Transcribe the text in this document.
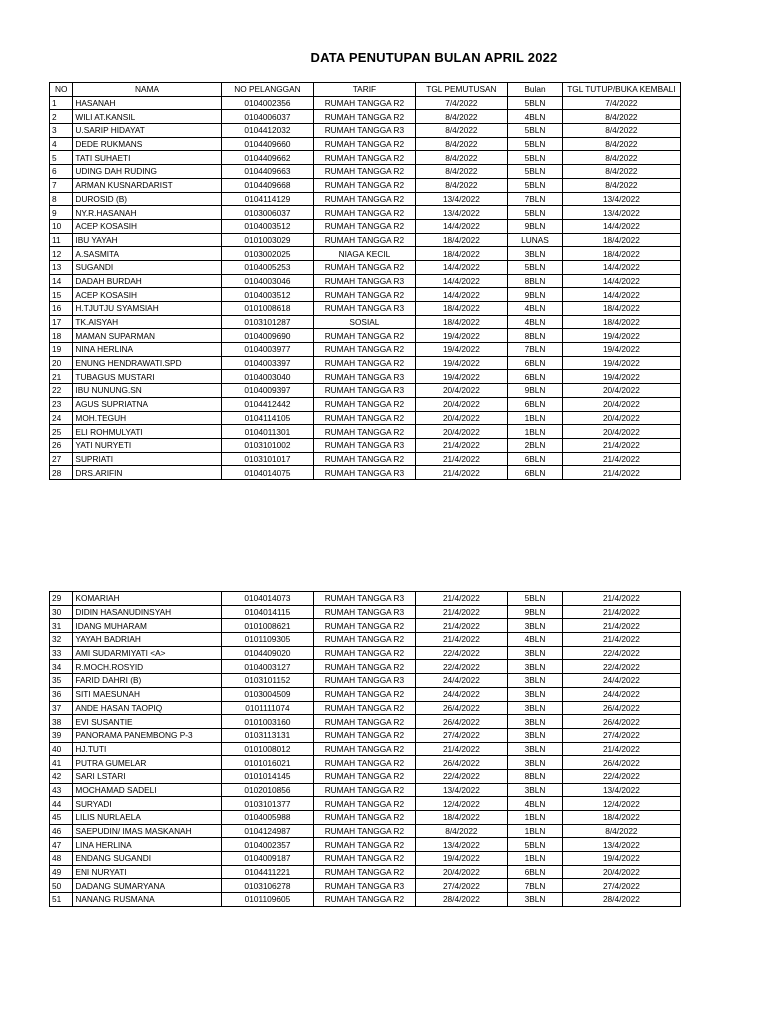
DATA PENUTUPAN BULAN APRIL 2022
NO	NAMA	NO PELANGGAN	TARIF	TGL PEMUTUSAN	Bulan	TGL TUTUP/BUKA KEMBALI
1	HASANAH	0104002356	RUMAH TANGGA R2	7/4/2022	5BLN	7/4/2022
2	WILI AT.KANSIL	0104006037	RUMAH TANGGA R2	8/4/2022	4BLN	8/4/2022
3	U.SARIP HIDAYAT	0104412032	RUMAH TANGGA R3	8/4/2022	5BLN	8/4/2022
4	DEDE RUKMANS	0104409660	RUMAH TANGGA R2	8/4/2022	5BLN	8/4/2022
5	TATI SUHAETI	0104409662	RUMAH TANGGA R2	8/4/2022	5BLN	8/4/2022
6	UDING DAH RUDING	0104409663	RUMAH TANGGA R2	8/4/2022	5BLN	8/4/2022
7	ARMAN KUSNARDARIST	0104409668	RUMAH TANGGA R2	8/4/2022	5BLN	8/4/2022
8	DUROSID (B)	0104114129	RUMAH TANGGA R2	13/4/2022	7BLN	13/4/2022
9	NY.R.HASANAH	0103006037	RUMAH TANGGA R2	13/4/2022	5BLN	13/4/2022
10	ACEP KOSASIH	0104003512	RUMAH TANGGA R2	14/4/2022	9BLN	14/4/2022
11	IBU YAYAH	0101003029	RUMAH TANGGA R2	18/4/2022	LUNAS	18/4/2022
12	A.SASMITA	0103002025	NIAGA KECIL	18/4/2022	3BLN	18/4/2022
13	SUGANDI	0104005253	RUMAH TANGGA R2	14/4/2022	5BLN	14/4/2022
14	DADAH BURDAH	0104003046	RUMAH TANGGA R3	14/4/2022	8BLN	14/4/2022
15	ACEP KOSASIH	0104003512	RUMAH TANGGA R2	14/4/2022	9BLN	14/4/2022
16	H.TJUTJU SYAMSIAH	0101008618	RUMAH TANGGA R3	18/4/2022	4BLN	18/4/2022
17	TK.AISYAH	0103101287	SOSIAL	18/4/2022	4BLN	18/4/2022
18	MAMAN SUPARMAN	0104009690	RUMAH TANGGA R2	19/4/2022	8BLN	19/4/2022
19	NINA HERLINA	0104003977	RUMAH TANGGA R2	19/4/2022	7BLN	19/4/2022
20	ENUNG HENDRAWATI.SPD	0104003397	RUMAH TANGGA R2	19/4/2022	6BLN	19/4/2022
21	TUBAGUS MUSTARI	0104003040	RUMAH TANGGA R3	19/4/2022	6BLN	19/4/2022
22	IBU NUNUNG.SN	0104009397	RUMAH TANGGA R3	20/4/2022	9BLN	20/4/2022
23	AGUS SUPRIATNA	0104412442	RUMAH TANGGA R2	20/4/2022	6BLN	20/4/2022
24	MOH.TEGUH	0104114105	RUMAH TANGGA R2	20/4/2022	1BLN	20/4/2022
25	ELI ROHMULYATI	0104011301	RUMAH TANGGA R2	20/4/2022	1BLN	20/4/2022
26	YATI NURYETI	0103101002	RUMAH TANGGA R3	21/4/2022	2BLN	21/4/2022
27	SUPRIATI	0103101017	RUMAH TANGGA R2	21/4/2022	6BLN	21/4/2022
28	DRS.ARIFIN	0104014075	RUMAH TANGGA R3	21/4/2022	6BLN	21/4/2022
29	KOMARIAH	0104014073	RUMAH TANGGA R3	21/4/2022	5BLN	21/4/2022
30	DIDIN HASANUDINSYAH	0104014115	RUMAH TANGGA R3	21/4/2022	9BLN	21/4/2022
31	IDANG MUHARAM	0101008621	RUMAH TANGGA R2	21/4/2022	3BLN	21/4/2022
32	YAYAH BADRIAH	0101109305	RUMAH TANGGA R2	21/4/2022	4BLN	21/4/2022
33	AMI SUDARMIYATI <A>	0104409020	RUMAH TANGGA R2	22/4/2022	3BLN	22/4/2022
34	R.MOCH.ROSYID	0104003127	RUMAH TANGGA R2	22/4/2022	3BLN	22/4/2022
35	FARID DAHRI (B)	0103101152	RUMAH TANGGA R3	24/4/2022	3BLN	24/4/2022
36	SITI MAESUNAH	0103004509	RUMAH TANGGA R2	24/4/2022	3BLN	24/4/2022
37	ANDE HASAN TAOPIQ	0101111074	RUMAH TANGGA R2	26/4/2022	3BLN	26/4/2022
38	EVI SUSANTIE	0101003160	RUMAH TANGGA R2	26/4/2022	3BLN	26/4/2022
39	PANORAMA PANEMBONG P-3	0103113131	RUMAH TANGGA R2	27/4/2022	3BLN	27/4/2022
40	HJ.TUTI	0101008012	RUMAH TANGGA R2	21/4/2022	3BLN	21/4/2022
41	PUTRA GUMELAR	0101016021	RUMAH TANGGA R2	26/4/2022	3BLN	26/4/2022
42	SARI LSTARI	0101014145	RUMAH TANGGA R2	22/4/2022	8BLN	22/4/2022
43	MOCHAMAD SADELI	0102010856	RUMAH TANGGA R2	13/4/2022	3BLN	13/4/2022
44	SURYADI	0103101377	RUMAH TANGGA R2	12/4/2022	4BLN	12/4/2022
45	LILIS NURLAELA	0104005988	RUMAH TANGGA R2	18/4/2022	1BLN	18/4/2022
46	SAEPUDIN/ IMAS MASKANAH	0104124987	RUMAH TANGGA R2	8/4/2022	1BLN	8/4/2022
47	LINA HERLINA	0104002357	RUMAH TANGGA R2	13/4/2022	5BLN	13/4/2022
48	ENDANG SUGANDI	0104009187	RUMAH TANGGA R2	19/4/2022	1BLN	19/4/2022
49	ENI NURYATI	0104411221	RUMAH TANGGA R2	20/4/2022	6BLN	20/4/2022
50	DADANG SUMARYANA	0103106278	RUMAH TANGGA R3	27/4/2022	7BLN	27/4/2022
51	NANANG RUSMANA	0101109605	RUMAH TANGGA R2	28/4/2022	3BLN	28/4/2022
